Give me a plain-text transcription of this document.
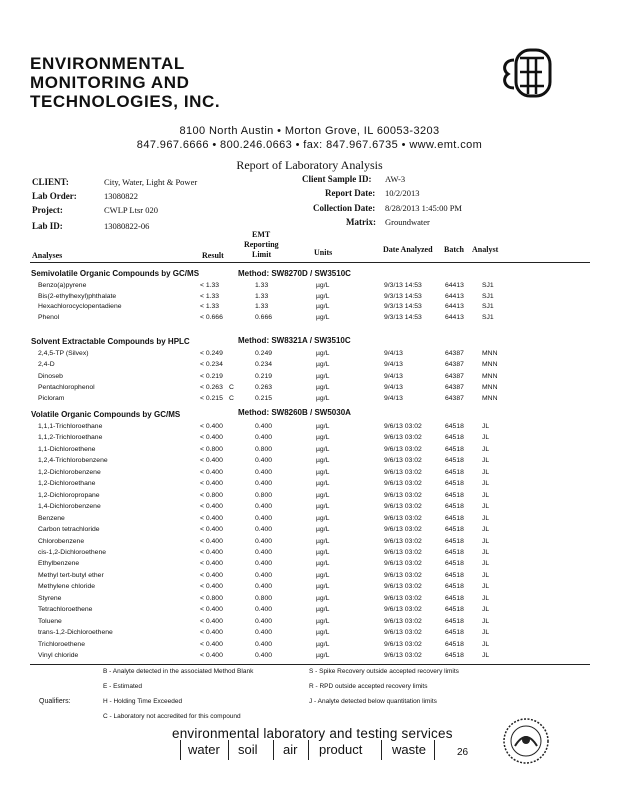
ENVIRONMENTAL
MONITORING AND
TECHNOLOGIES, INC.
8100 North Austin • Morton Grove, IL 60053-3203
847.967.6666 • 800.246.0663 • fax: 847.967.6735 • www.emt.com
Report of Laboratory Analysis
CLIENT:	City, Water, Light & Power
Lab Order:	13080822
Project:	CWLP Ltsr 020
Lab ID:	13080822-06
Client Sample ID: AW-3
Report Date: 10/2/2013
Collection Date: 8/28/2013 1:45:00 PM
Matrix: Groundwater
Analyses	Result
EMT
Reporting
Limit	Units	Date Analyzed Batch Analyst
Semivolatile Organic Compounds by GC/MS	Method: SW8270D / SW3510C
Benzo(a)pyrene	< 1.33	1.33	µg/L	9/3/13 14:53	64413	SJ1
Bis(2-ethylhexyl)phthalate	< 1.33	1.33	µg/L	9/3/13 14:53	64413	SJ1
Hexachlorocyclopentadiene	< 1.33	1.33	µg/L	9/3/13 14:53	64413	SJ1
Phenol	< 0.666	0.666	µg/L	9/3/13 14:53	64413	SJ1
Solvent Extractable Compounds by HPLC	Method: SW8321A / SW3510C
2,4,5-TP (Silvex)	< 0.249	0.249	µg/L	9/4/13	64387	MNN
2,4-D	< 0.234	0.234	µg/L	9/4/13	64387	MNN
Dinoseb	< 0.219	0.219	µg/L	9/4/13	64387	MNN
Pentachlorophenol	< 0.263 C	0.263	µg/L	9/4/13	64387	MNN
Picloram	< 0.215 C	0.215	µg/L	9/4/13	64387	MNN
Volatile Organic Compounds by GC/MS	Method: SW8260B / SW5030A
1,1,1-Trichloroethane	< 0.400	0.400	µg/L	9/6/13 03:02	64518	JL
1,1,2-Trichloroethane	< 0.400	0.400	µg/L	9/6/13 03:02	64518	JL
1,1-Dichloroethene	< 0.800	0.800	µg/L	9/6/13 03:02	64518	JL
1,2,4-Trichlorobenzene	< 0.400	0.400	µg/L	9/6/13 03:02	64518	JL
1,2-Dichlorobenzene	< 0.400	0.400	µg/L	9/6/13 03:02	64518	JL
1,2-Dichloroethane	< 0.400	0.400	µg/L	9/6/13 03:02	64518	JL
1,2-Dichloropropane	< 0.800	0.800	µg/L	9/6/13 03:02	64518	JL
1,4-Dichlorobenzene	< 0.400	0.400	µg/L	9/6/13 03:02	64518	JL
Benzene	< 0.400	0.400	µg/L	9/6/13 03:02	64518	JL
Carbon tetrachloride	< 0.400	0.400	µg/L	9/6/13 03:02	64518	JL
Chlorobenzene	< 0.400	0.400	µg/L	9/6/13 03:02	64518	JL
cis-1,2-Dichloroethene	< 0.400	0.400	µg/L	9/6/13 03:02	64518	JL
Ethylbenzene	< 0.400	0.400	µg/L	9/6/13 03:02	64518	JL
Methyl tert-butyl ether	< 0.400	0.400	µg/L	9/6/13 03:02	64518	JL
Methylene chloride	< 0.400	0.400	µg/L	9/6/13 03:02	64518	JL
Styrene	< 0.800	0.800	µg/L	9/6/13 03:02	64518	JL
Tetrachloroethene	< 0.400	0.400	µg/L	9/6/13 03:02	64518	JL
Toluene	< 0.400	0.400	µg/L	9/6/13 03:02	64518	JL
trans-1,2-Dichloroethene	< 0.400	0.400	µg/L	9/6/13 03:02	64518	JL
Trichloroethene	< 0.400	0.400	µg/L	9/6/13 03:02	64518	JL
Vinyl chloride	< 0.400	0.400	µg/L	9/6/13 03:02	64518	JL
Qualifiers:
B - Analyte detected in the associated Method Blank
E - Estimated
H - Holding Time Exceeded
C - Laboratory not accredited for this compound
S - Spike Recovery outside accepted recovery limits
R - RPD outside accepted recovery limits
J - Analyte detected below quantitation limits
environmental laboratory and testing services
water soil air product waste	26
